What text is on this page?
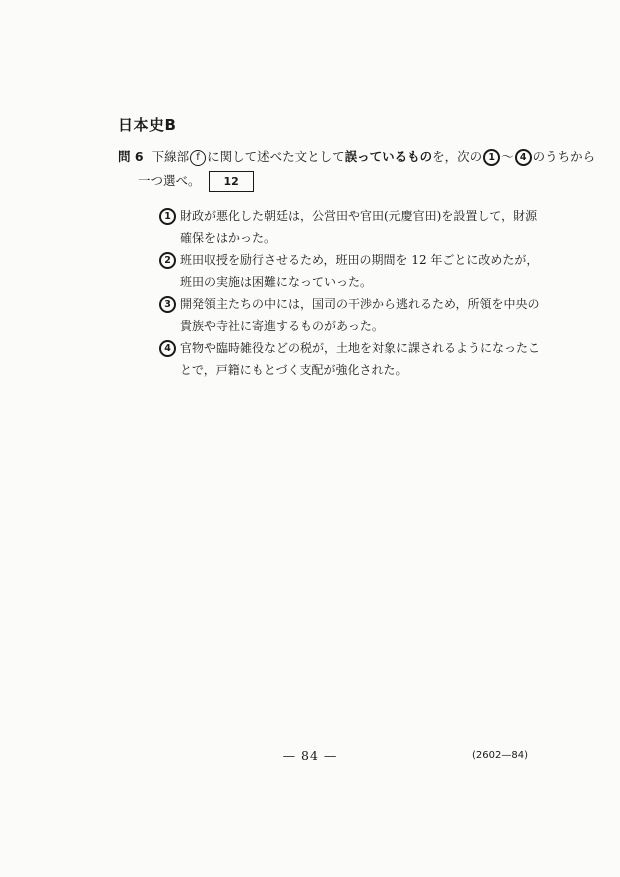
日本史B
問 6 下線部 f に関して述べた文として誤っているものを，次の 1 ～ 4 のうちから
一つ選べ。 12
1 財政が悪化した朝廷は，公営田や官田(元慶官田)を設置して，財源確保をはかった。
2 班田収授を励行させるため，班田の期間を 12 年ごとに改めたが，班田の実施は困難になっていった。
3 開発領主たちの中には，国司の干渉から逃れるため，所領を中央の貴族や寺社に寄進するものがあった。
4 官物や臨時雑役などの税が，土地を対象に課されるようになったことで，戸籍にもとづく支配が強化された。
— 84 —	(2602—84)
